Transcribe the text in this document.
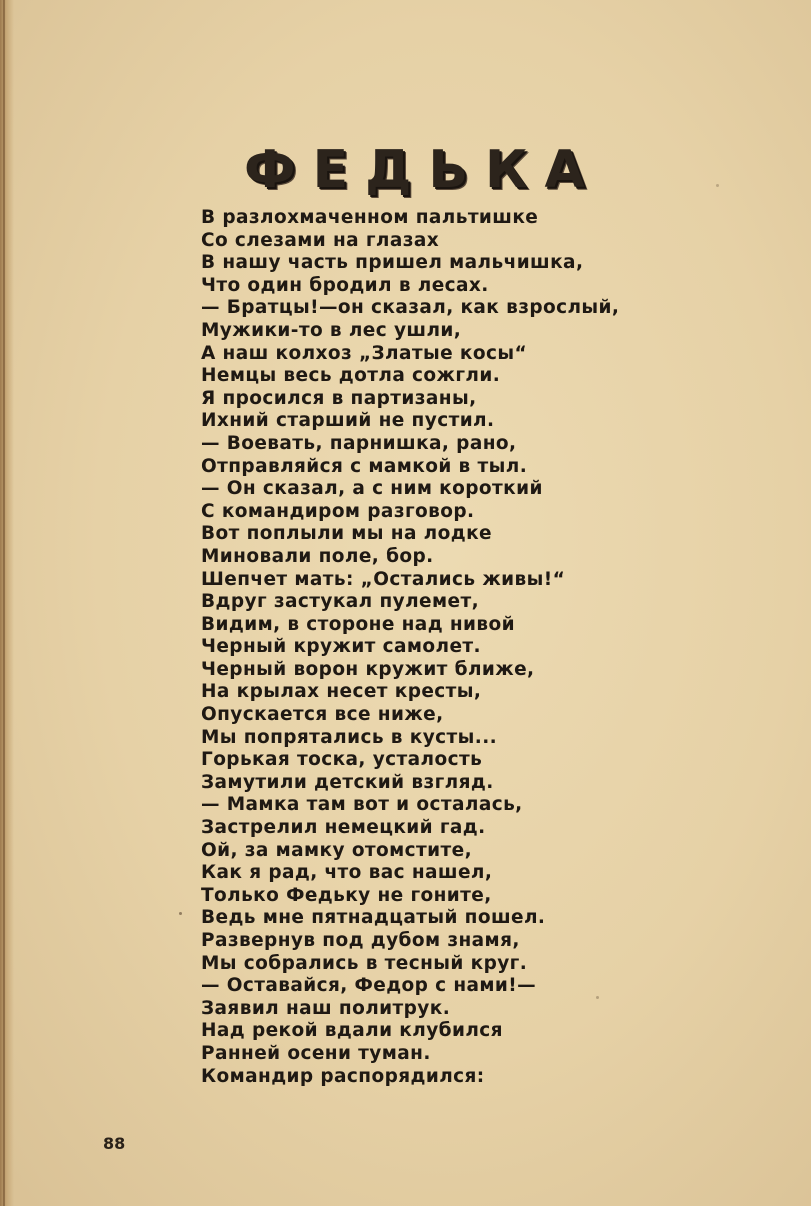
ФЕДЬКА
В разлохмаченном пальтишке
Со слезами на глазах
В нашу часть пришел мальчишка,
Что один бродил в лесах.
— Братцы!—он сказал, как взрослый,
Мужики-то в лес ушли,
А наш колхоз „Златые косы“
Немцы весь дотла сожгли.
Я просился в партизаны,
Ихний старший не пустил.
— Воевать, парнишка, рано,
Отправляйся с мамкой в тыл.
— Он сказал, а с ним короткий
С командиром разговор.
Вот поплыли мы на лодке
Миновали поле, бор.
Шепчет мать: „Остались живы!“
Вдруг застукал пулемет,
Видим, в стороне над нивой
Черный кружит самолет.
Черный ворон кружит ближе,
На крылах несет кресты,
Опускается все ниже,
Мы попрятались в кусты...
Горькая тоска, усталость
Замутили детский взгляд.
— Мамка там вот и осталась,
Застрелил немецкий гад.
Ой, за мамку отомстите,
Как я рад, что вас нашел,
Только Федьку не гоните,
Ведь мне пятнадцатый пошел.
Развернув под дубом знамя,
Мы собрались в тесный круг.
— Оставайся, Федор с нами!—
Заявил наш политрук.
Над рекой вдали клубился
Ранней осени туман.
Командир распорядился:
88
